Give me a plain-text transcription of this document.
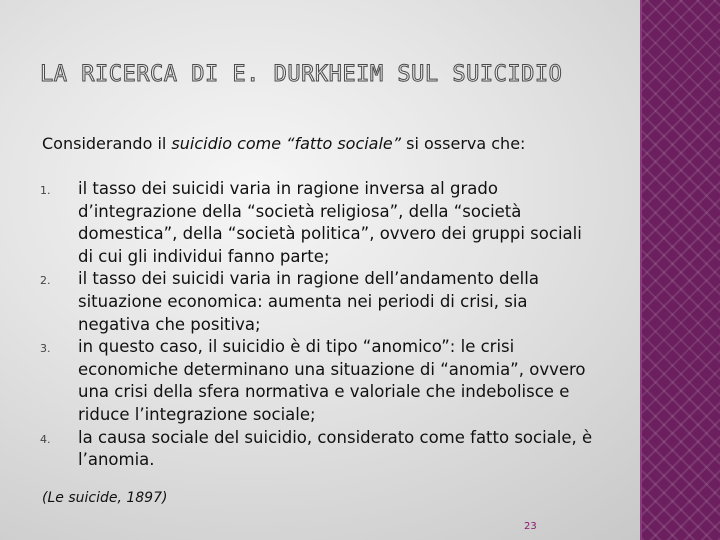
LA RICERCA DI E. DURKHEIM SUL SUICIDIO
Considerando il suicidio come “fatto sociale” si osserva che:
1. il tasso dei suicidi varia in ragione inversa al grado d’integrazione della “società religiosa”, della “società domestica”, della “società politica”, ovvero dei gruppi sociali di cui gli individui fanno parte;
2. il tasso dei suicidi varia in ragione dell’andamento della situazione economica: aumenta nei periodi di crisi, sia negativa che positiva;
3. in questo caso, il suicidio è di tipo “anomico”: le crisi economiche determinano una situazione di “anomia”, ovvero una crisi della sfera normativa e valoriale che indebolisce e riduce l’integrazione sociale;
4. la causa sociale del suicidio, considerato come fatto sociale, è l’anomia.
(Le suicide, 1897)
23
